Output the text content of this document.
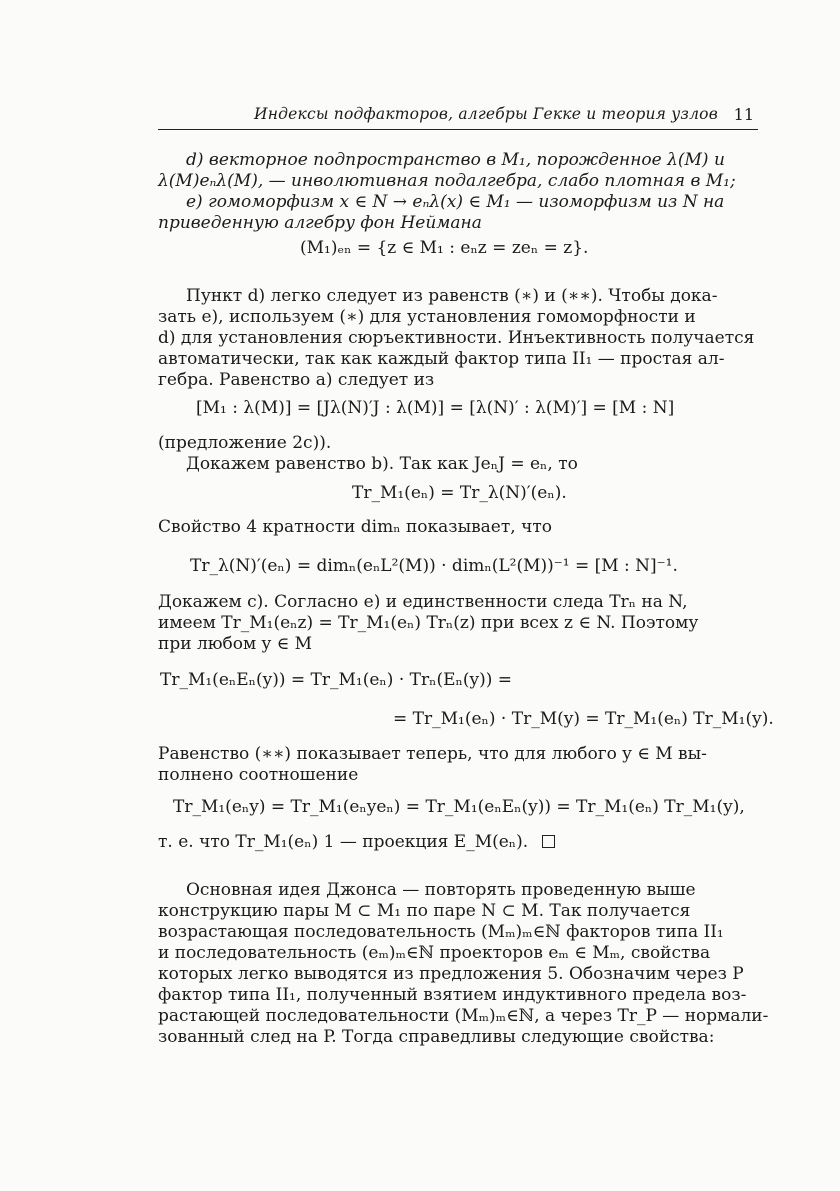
Индексы подфакторов, алгебры Гекке и теория узлов 11
d) векторное подпространство в M₁, порожденное λ(M) и
λ(M)eₙλ(M), — инволютивная подалгебра, слабо плотная в M₁;
e) гомоморфизм x ∈ N → eₙλ(x) ∈ M₁ — изоморфизм из N на
приведенную алгебру фон Неймана
(M₁)ₑₙ = {z ∈ M₁ : eₙz = zeₙ = z}.
Пункт d) легко следует из равенств (∗) и (∗∗). Чтобы дока-
зать e), используем (∗) для установления гомоморфности и
d) для установления сюръективности. Инъективность получается
автоматически, так как каждый фактор типа II₁ — простая ал-
гебра. Равенство a) следует из
[M₁ : λ(M)] = [Jλ(N)′J : λ(M)] = [λ(N)′ : λ(M)′] = [M : N]
(предложение 2c)).
Докажем равенство b). Так как JeₙJ = eₙ, то
Tr_M₁(eₙ) = Tr_λ(N)′(eₙ).
Свойство 4 кратности dimₙ показывает, что
Tr_λ(N)′(eₙ) = dimₙ(eₙL²(M)) · dimₙ(L²(M))⁻¹ = [M : N]⁻¹.
Докажем c). Согласно e) и единственности следа Trₙ на N,
имеем Tr_M₁(eₙz) = Tr_M₁(eₙ) Trₙ(z) при всех z ∈ N. Поэтому
при любом y ∈ M
Tr_M₁(eₙEₙ(y)) = Tr_M₁(eₙ) · Trₙ(Eₙ(y)) =
= Tr_M₁(eₙ) · Tr_M(y) = Tr_M₁(eₙ) Tr_M₁(y).
Равенство (∗∗) показывает теперь, что для любого y ∈ M вы-
полнено соотношение
Tr_M₁(eₙy) = Tr_M₁(eₙyeₙ) = Tr_M₁(eₙEₙ(y)) = Tr_M₁(eₙ) Tr_M₁(y),
т. е. что Tr_M₁(eₙ) 1 — проекция E_M(eₙ).
Основная идея Джонса — повторять проведенную выше
конструкцию пары M ⊂ M₁ по паре N ⊂ M. Так получается
возрастающая последовательность (Mₘ)ₘ∈ℕ факторов типа II₁
и последовательность (eₘ)ₘ∈ℕ проекторов eₘ ∈ Mₘ, свойства
которых легко выводятся из предложения 5. Обозначим через P
фактор типа II₁, полученный взятием индуктивного предела воз-
растающей последовательности (Mₘ)ₘ∈ℕ, а через Tr_P — нормали-
зованный след на P. Тогда справедливы следующие свойства:
